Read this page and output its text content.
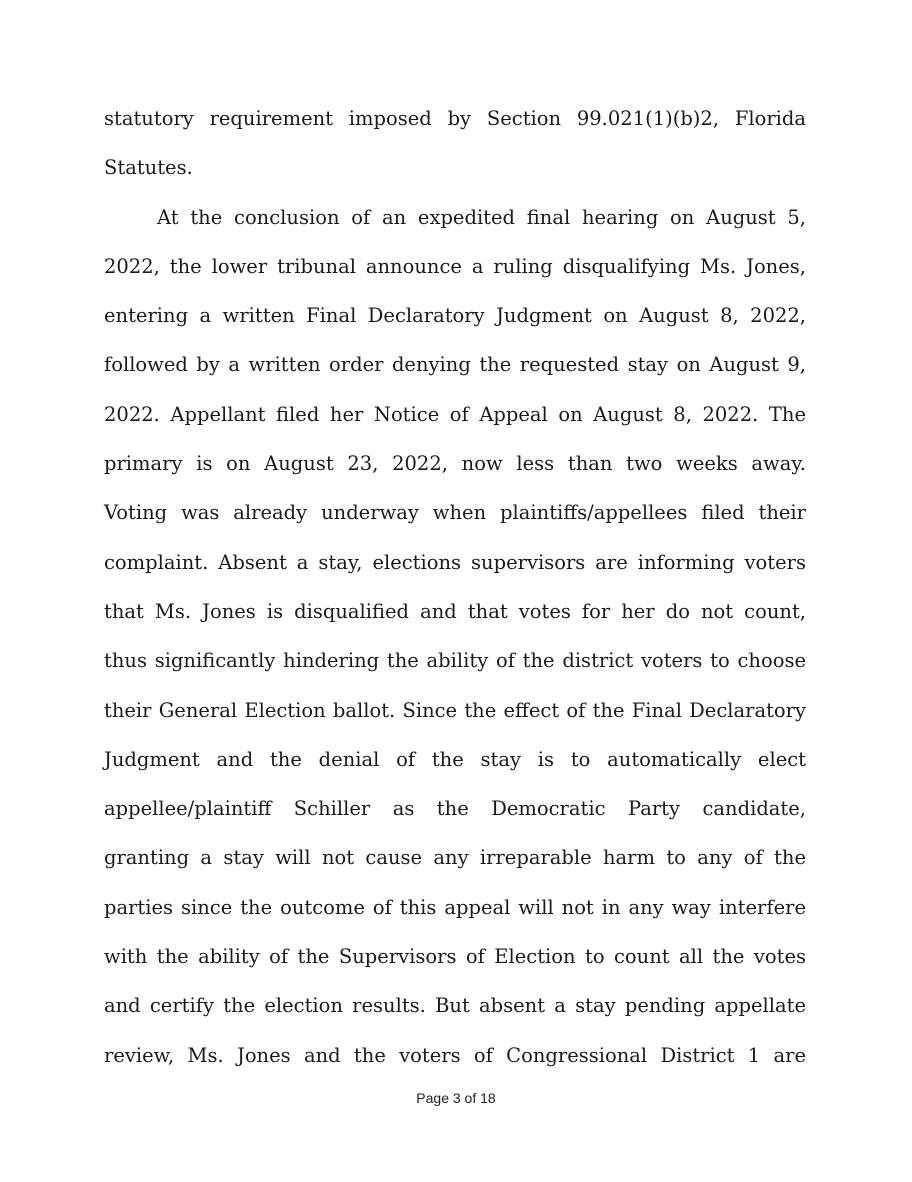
statutory requirement imposed by Section 99.021(1)(b)2, Florida
Statutes.
At the conclusion of an expedited final hearing on August 5,
2022, the lower tribunal announce a ruling disqualifying Ms. Jones,
entering a written Final Declaratory Judgment on August 8, 2022,
followed by a written order denying the requested stay on August 9,
2022. Appellant filed her Notice of Appeal on August 8, 2022. The
primary is on August 23, 2022, now less than two weeks away.
Voting was already underway when plaintiffs/appellees filed their
complaint. Absent a stay, elections supervisors are informing voters
that Ms. Jones is disqualified and that votes for her do not count,
thus significantly hindering the ability of the district voters to choose
their General Election ballot. Since the effect of the Final Declaratory
Judgment and the denial of the stay is to automatically elect
appellee/plaintiff Schiller as the Democratic Party candidate,
granting a stay will not cause any irreparable harm to any of the
parties since the outcome of this appeal will not in any way interfere
with the ability of the Supervisors of Election to count all the votes
and certify the election results. But absent a stay pending appellate
review, Ms. Jones and the voters of Congressional District 1 are
Page 3 of 18
